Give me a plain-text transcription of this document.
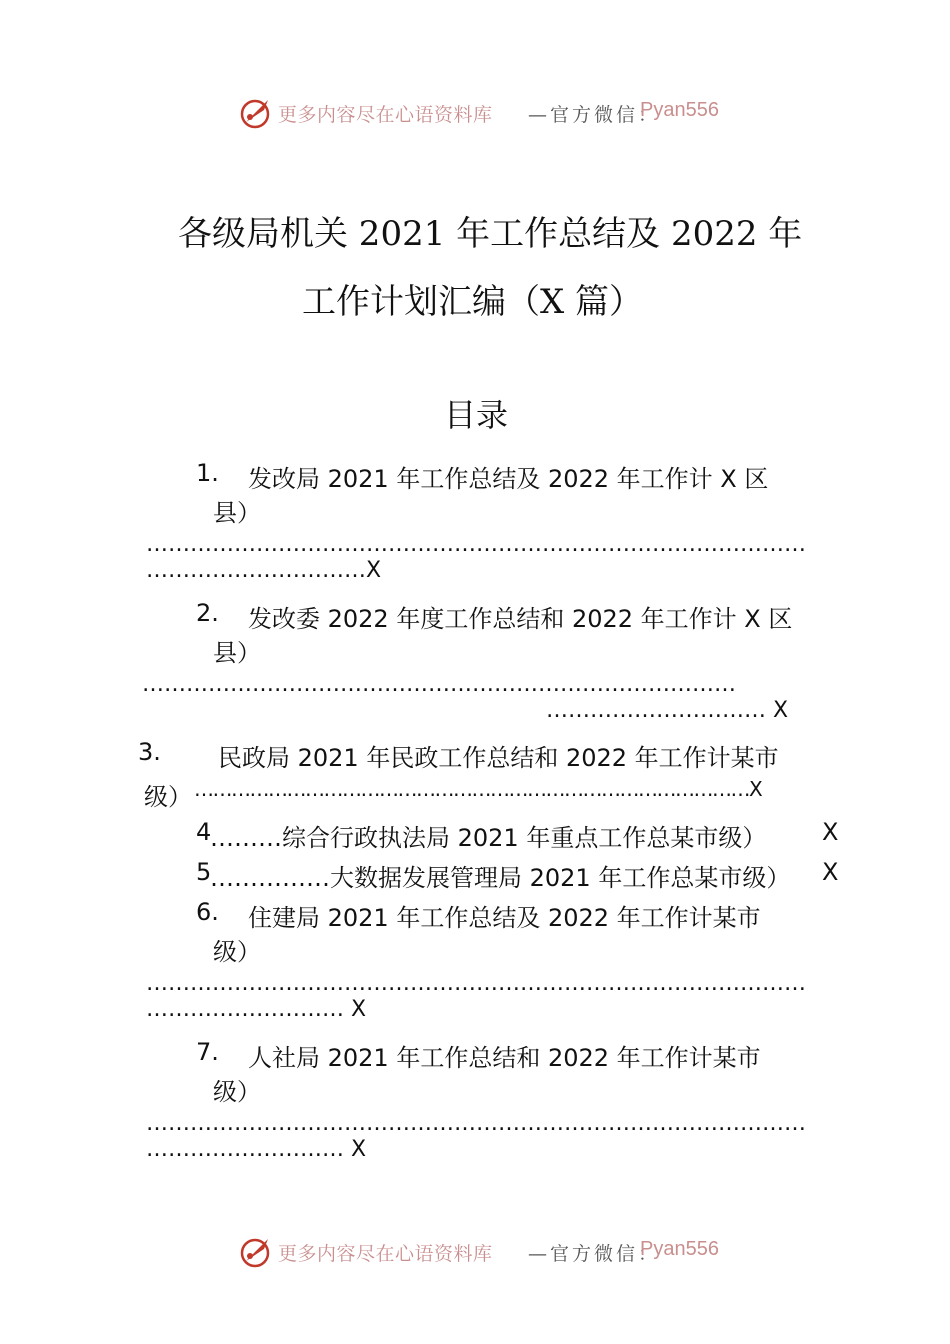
更多内容尽在心语资料库 —官方微信：
Pyan556
各级局机关 2021 年工作总结及 2022 年
工作计划汇编（X 篇）
目录
1. 发改局 2021 年工作总结及 2022 年工作计 X 区
县）
………………………………………………………………………………
…………………………X
2. 发改委 2022 年度工作总结和 2022 年工作计 X 区
县）
………………………………………………………………………
………………………… X
3. 民政局 2021 年民政工作总结和 2022 年工作计某市
级） ………………………………………………………………………………X
4
………综合行政执法局 2021 年重点工作总某市级） X
5
……………大数据发展管理局 2021 年工作总某市级） X
6. 住建局 2021 年工作总结及 2022 年工作计某市
级）
………………………………………………………………………………
……………………… X
7. 人社局 2021 年工作总结和 2022 年工作计某市
级）
………………………………………………………………………………
……………………… X
更多内容尽在心语资料库 —官方微信：
Pyan556
